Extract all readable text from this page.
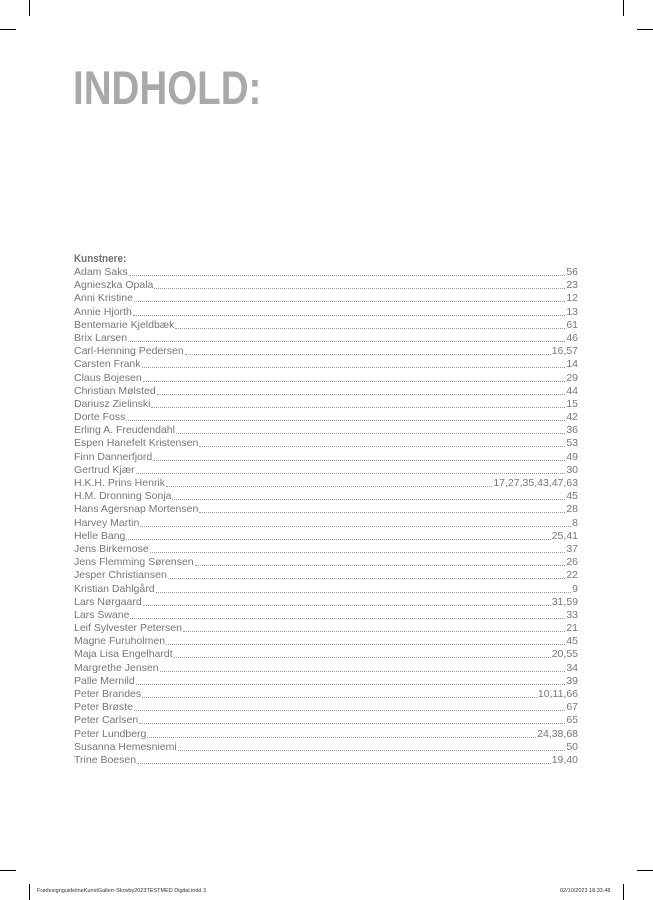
INDHOLD:
Kunstnere:
Adam Saks	56
Agnieszka Opala	23
Anni Kristine	12
Annie Hjorth	13
Bentemarie Kjeldbæk	61
Brix Larsen	46
Carl-Henning Pedersen	16,57
Carsten Frank	14
Claus Bojesen	29
Christian Mølsted	44
Dariusz Zielinski	15
Dorte Foss	42
Erling A. Freudendahl	36
Espen Hanefelt Kristensen	53
Finn Dannerfjord	49
Gertrud Kjær	30
H.K.H. Prins Henrik	17,27,35,43,47,63
H.M. Dronning Sonja	45
Hans Agersnap Mortensen	28
Harvey Martin	8
Helle Bang	25,41
Jens Birkemose	37
Jens Flemming Sørensen	26
Jesper Christiansen	22
Kristian Dahlgård	9
Lars Nørgaard	31,59
Lars Swane	33
Leif Sylvester Petersen	21
Magne Furuholmen	45
Maja Lisa Engelhardt	20,55
Margrethe Jensen	34
Palle Mernild	39
Peter Brandes	10,11,66
Peter Brøste	67
Peter Carlsen	65
Peter Lundberg	24,38,68
Susanna Hemesniemi	50
Trine Boesen	19,40
FrødesignguidelineKunstGallerr-Skovby2023TESTMED Digital.indd 3	02/10/2023 18.33.48
